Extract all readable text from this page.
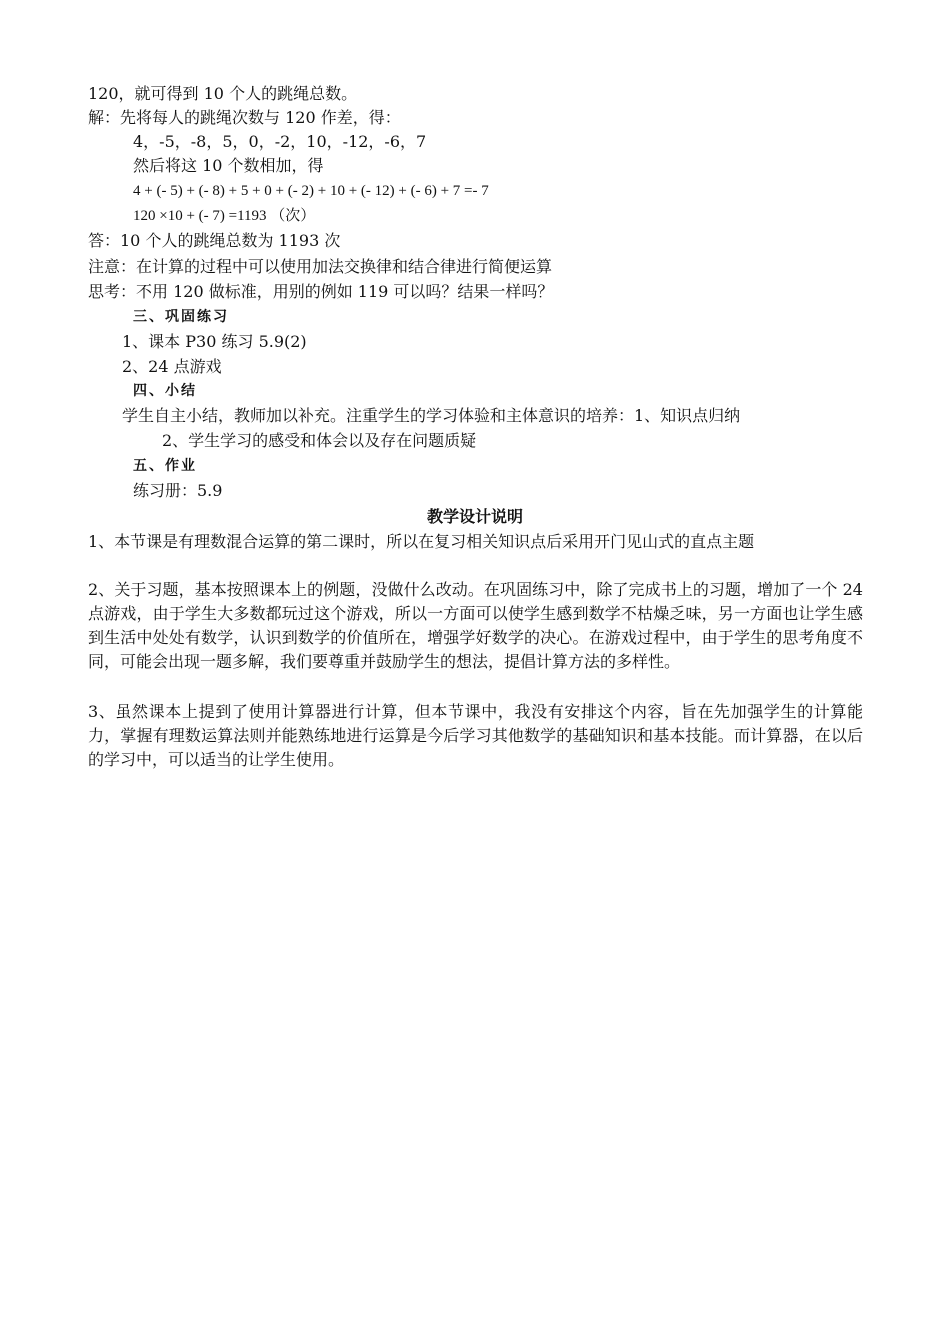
120，就可得到 10 个人的跳绳总数。
解：先将每人的跳绳次数与 120 作差，得：
4，-5，-8，5，0，-2，10，-12，-6，7
然后将这 10 个数相加，得
4 + (- 5) + (- 8) + 5 + 0 + (- 2) + 10 + (- 12) + (- 6) + 7 =- 7
120 ×10 + (- 7) =1193 （次）
答：10 个人的跳绳总数为 1193 次
注意：在计算的过程中可以使用加法交换律和结合律进行简便运算
思考：不用 120 做标准，用别的例如 119 可以吗？结果一样吗？
三、巩固练习
1、课本 P30 练习 5.9(2)
2、24 点游戏
四、小结
学生自主小结，教师加以补充。注重学生的学习体验和主体意识的培养：1、知识点归纳
2、学生学习的感受和体会以及存在问题质疑
五、作业
练习册：5.9
教学设计说明
1、本节课是有理数混合运算的第二课时，所以在复习相关知识点后采用开门见山式的直点主题
2、关于习题，基本按照课本上的例题，没做什么改动。在巩固练习中，除了完成书上的习题，增加了一个 24 点游戏，由于学生大多数都玩过这个游戏，所以一方面可以使学生感到数学不枯燥乏味，另一方面也让学生感到生活中处处有数学，认识到数学的价值所在，增强学好数学的决心。在游戏过程中，由于学生的思考角度不同，可能会出现一题多解，我们要尊重并鼓励学生的想法，提倡计算方法的多样性。
3、虽然课本上提到了使用计算器进行计算，但本节课中，我没有安排这个内容，旨在先加强学生的计算能力，掌握有理数运算法则并能熟练地进行运算是今后学习其他数学的基础知识和基本技能。而计算器，在以后的学习中，可以适当的让学生使用。
